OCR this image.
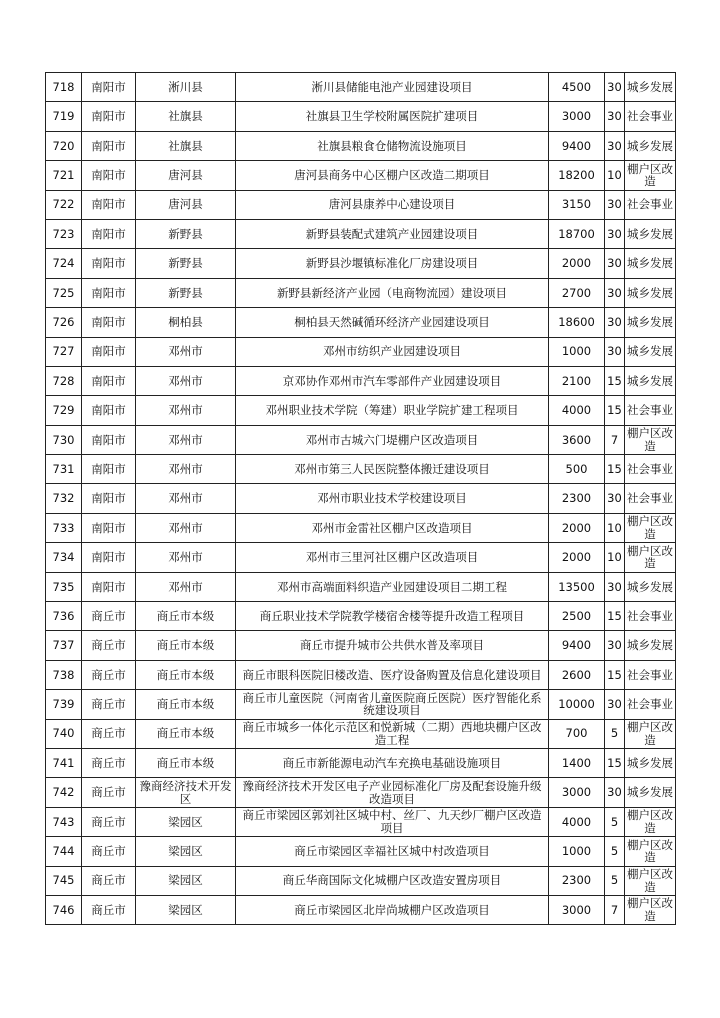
718	南阳市	淅川县	淅川县储能电池产业园建设项目	4500	30	城乡发展
719	南阳市	社旗县	社旗县卫生学校附属医院扩建项目	3000	30	社会事业
720	南阳市	社旗县	社旗县粮食仓储物流设施项目	9400	30	城乡发展
721	南阳市	唐河县	唐河县商务中心区棚户区改造二期项目	18200	10	棚户区改造
722	南阳市	唐河县	唐河县康养中心建设项目	3150	30	社会事业
723	南阳市	新野县	新野县装配式建筑产业园建设项目	18700	30	城乡发展
724	南阳市	新野县	新野县沙堰镇标准化厂房建设项目	2000	30	城乡发展
725	南阳市	新野县	新野县新经济产业园（电商物流园）建设项目	2700	30	城乡发展
726	南阳市	桐柏县	桐柏县天然碱循环经济产业园建设项目	18600	30	城乡发展
727	南阳市	邓州市	邓州市纺织产业园建设项目	1000	30	城乡发展
728	南阳市	邓州市	京邓协作邓州市汽车零部件产业园建设项目	2100	15	城乡发展
729	南阳市	邓州市	邓州职业技术学院（筹建）职业学院扩建工程项目	4000	15	社会事业
730	南阳市	邓州市	邓州市古城六门堤棚户区改造项目	3600	7	棚户区改造
731	南阳市	邓州市	邓州市第三人民医院整体搬迁建设项目	500	15	社会事业
732	南阳市	邓州市	邓州市职业技术学校建设项目	2300	30	社会事业
733	南阳市	邓州市	邓州市金雷社区棚户区改造项目	2000	10	棚户区改造
734	南阳市	邓州市	邓州市三里河社区棚户区改造项目	2000	10	棚户区改造
735	南阳市	邓州市	邓州市高端面料织造产业园建设项目二期工程	13500	30	城乡发展
736	商丘市	商丘市本级	商丘职业技术学院教学楼宿舍楼等提升改造工程项目	2500	15	社会事业
737	商丘市	商丘市本级	商丘市提升城市公共供水普及率项目	9400	30	城乡发展
738	商丘市	商丘市本级	商丘市眼科医院旧楼改造、医疗设备购置及信息化建设项目	2600	15	社会事业
739	商丘市	商丘市本级	商丘市儿童医院（河南省儿童医院商丘医院）医疗智能化系统建设项目	10000	30	社会事业
740	商丘市	商丘市本级	商丘市城乡一体化示范区和悦新城（二期）西地块棚户区改造工程	700	5	棚户区改造
741	商丘市	商丘市本级	商丘市新能源电动汽车充换电基础设施项目	1400	15	城乡发展
742	商丘市	豫商经济技术开发区	豫商经济技术开发区电子产业园标准化厂房及配套设施升级改造项目	3000	30	城乡发展
743	商丘市	梁园区	商丘市梁园区郭刘社区城中村、丝厂、九天纱厂棚户区改造项目	4000	5	棚户区改造
744	商丘市	梁园区	商丘市梁园区幸福社区城中村改造项目	1000	5	棚户区改造
745	商丘市	梁园区	商丘华商国际文化城棚户区改造安置房项目	2300	5	棚户区改造
746	商丘市	梁园区	商丘市梁园区北岸尚城棚户区改造项目	3000	7	棚户区改造
